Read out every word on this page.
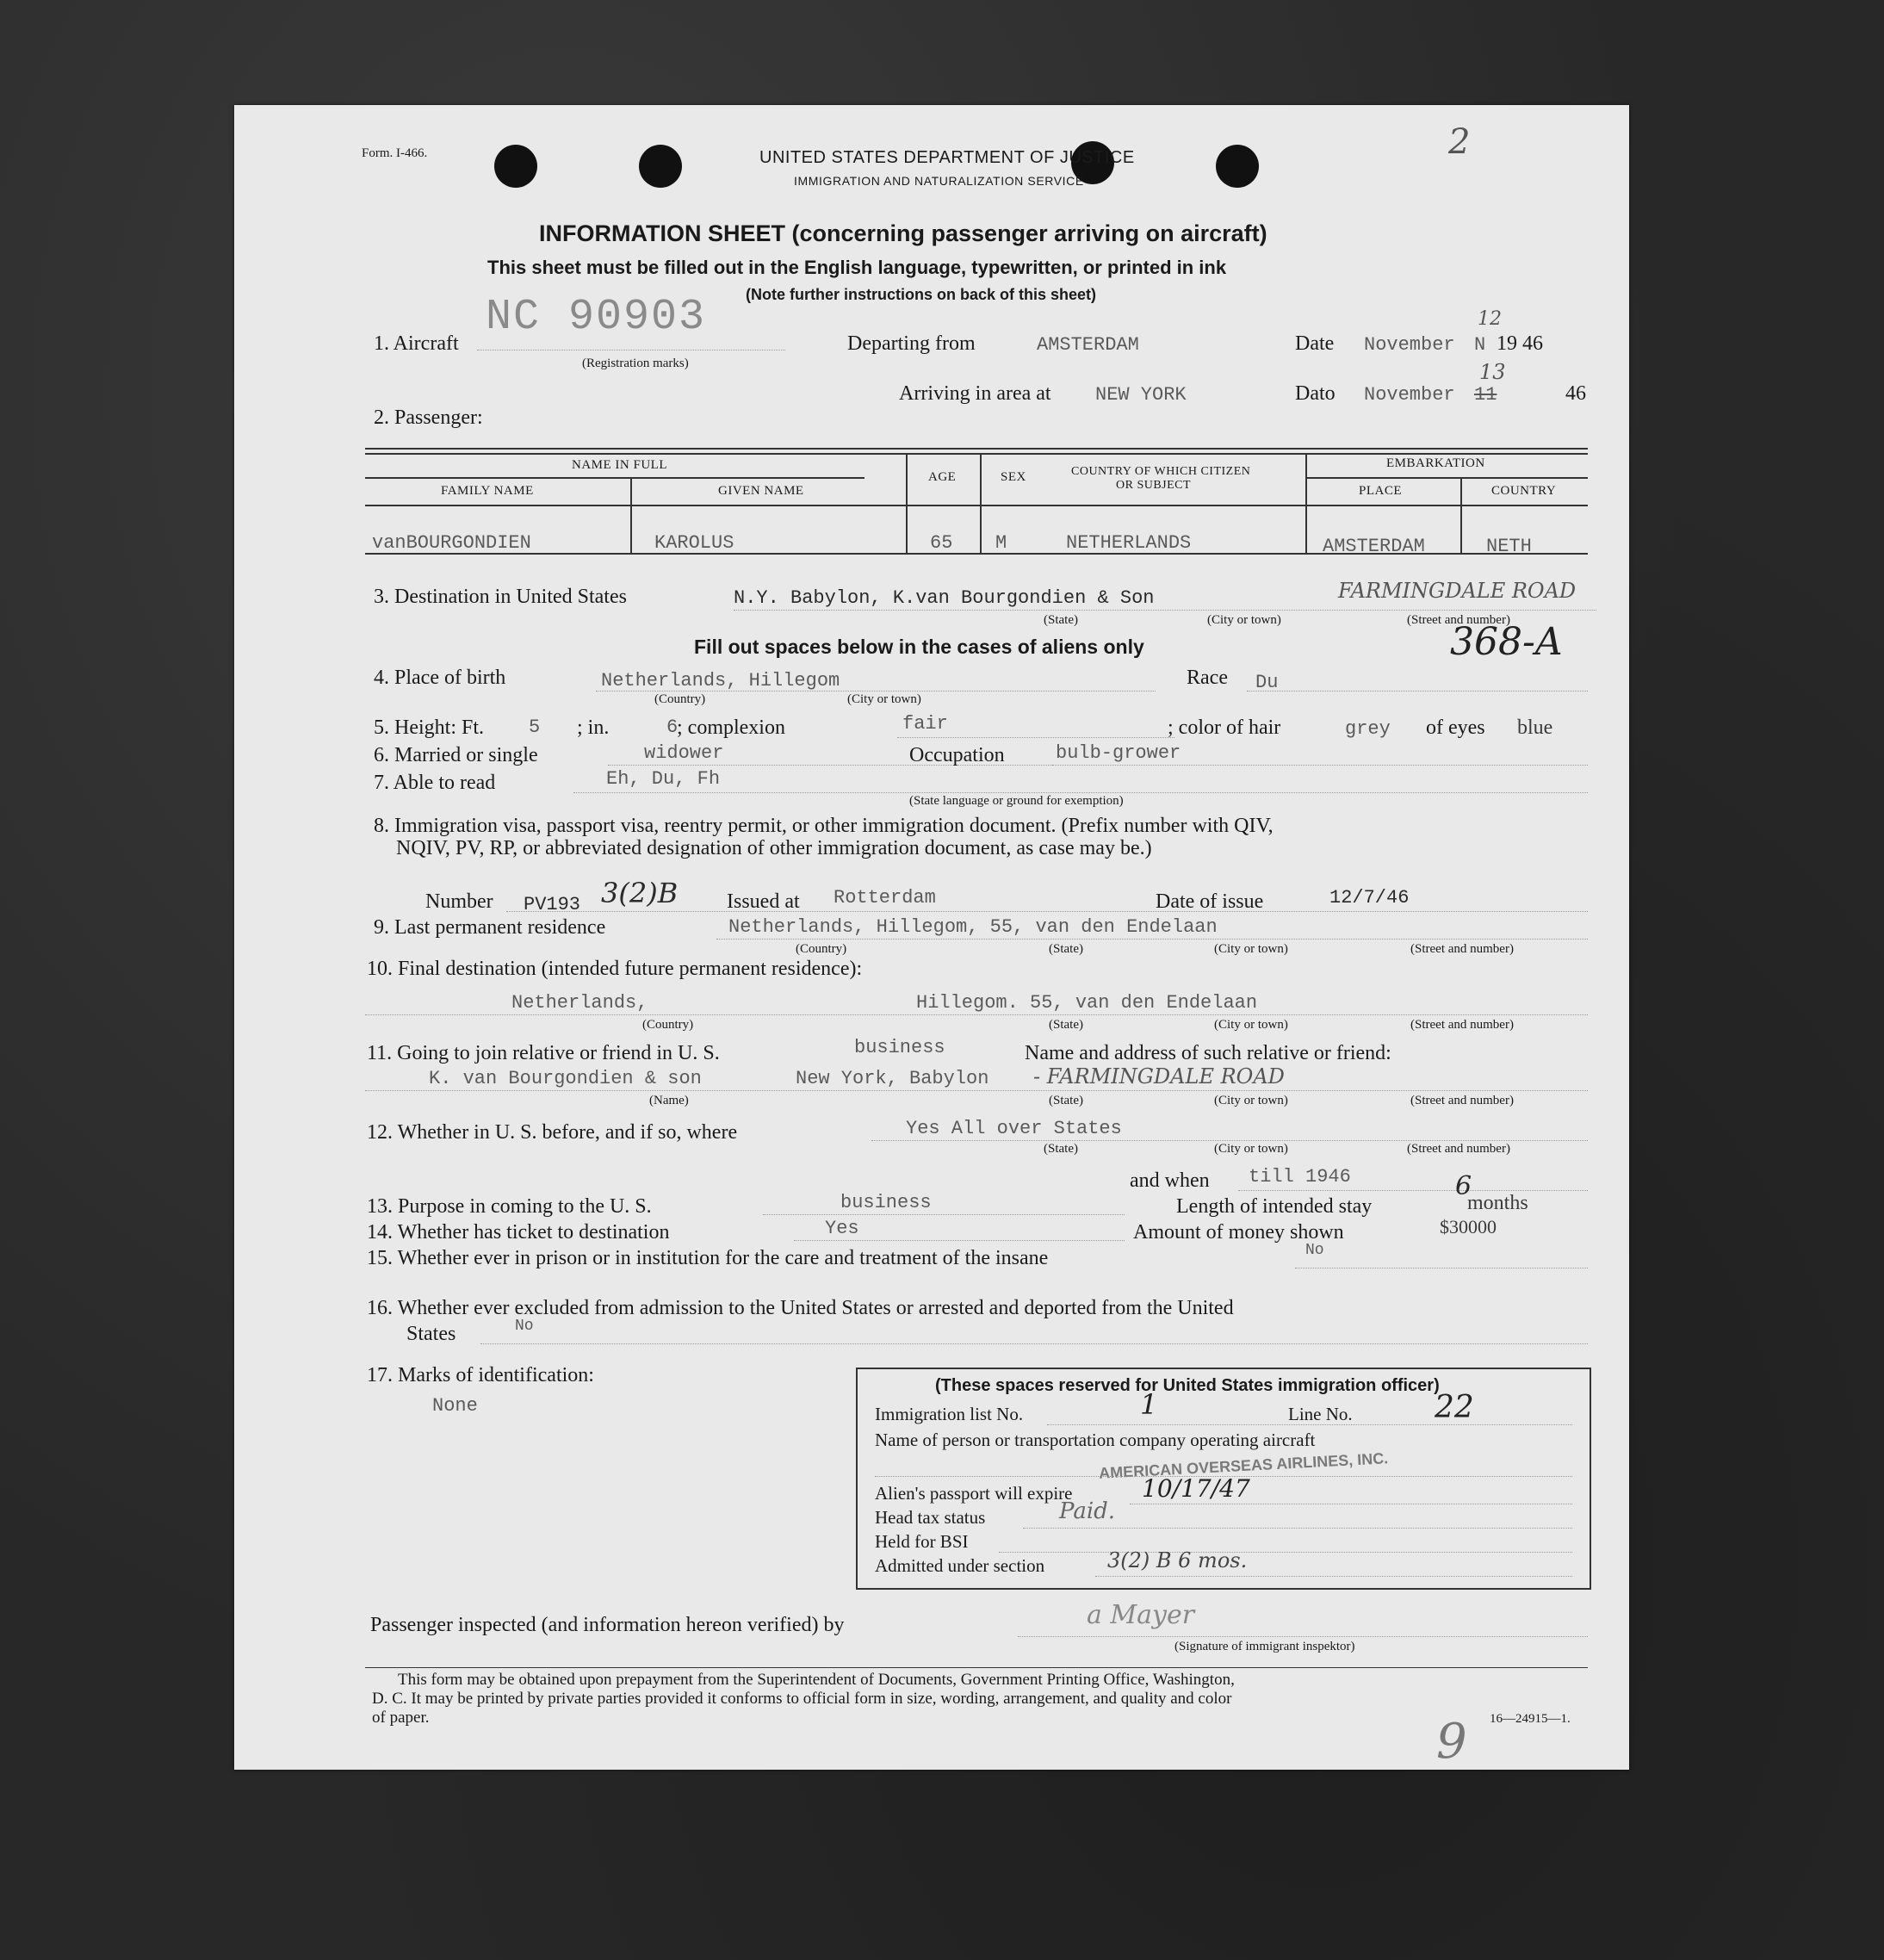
Form. I-466.	UNITED STATES DEPARTMENT OF JUSTICE
IMMIGRATION AND NATURALIZATION SERVICE
2
INFORMATION SHEET (concerning passenger arriving on aircraft)
This sheet must be filled out in the English language, typewritten, or printed in ink
(Note further instructions on back of this sheet)
1. Aircraft
NC 90903
(Registration marks)
Departing from	AMSTERDAM	Date November N
12
19 46
Arriving in area at NEW YORK	Dato November 11
13
46
2. Passenger:
NAME IN FULL
FAMILY NAME	GIVEN NAME
AGE	SEX	COUNTRY OF WHICH CITIZEN
OR SUBJECT
EMBARKATION
PLACE	COUNTRY
vanBOURGONDIEN	KAROLUS	65 M	NETHERLANDS	AMSTERDAM	NETH
3. Destination in United States	N.Y. Babylon, K.van Bourgondien & Son	FARMINGDALE ROAD
(State)	(City or town)	(Street and number)
Fill out spaces below in the cases of aliens only	368-A
4. Place of birth	Netherlands, Hillegom
(Country)	(City or town)
Race Du
5. Height: Ft. 5 ; in.	6
; complexion	fair	; color of hair	grey of eyes blue
6. Married or single	widower	Occupation	bulb-grower
7. Able to read	Eh, Du, Fh
(State language or ground for exemption)
8. Immigration visa, passport visa, reentry permit, or other immigration document. (Prefix number with QIV,
NQIV, PV, RP, or abbreviated designation of other immigration document, as case may be.)
Number PV193 3(2)B Issued at Rotterdam	Date of issue	12/7/46
9. Last permanent residence	Netherlands, Hillegom, 55, van den Endelaan
(Country)	(State)	(City or town)	(Street and number)
10. Final destination (intended future permanent residence):
Netherlands,	Hillegom. 55, van den Endelaan
(Country)	(State)	(City or town)	(Street and number)
11. Going to join relative or friend in U. S.	business	Name and address of such relative or friend:
K. van Bourgondien & son	New York, Babylon - FARMINGDALE ROAD
(Name)	(State)	(City or town)	(Street and number)
12. Whether in U. S. before, and if so, where	Yes All over States
(State)	(City or town)	(Street and number)
and when till 1946
13. Purpose in coming to the U. S.	business	Length of intended stay
6
months
14. Whether has ticket to destination	Yes	Amount of money shown	$30000
15. Whether ever in prison or in institution for the care and treatment of the insane	No
16. Whether ever excluded from admission to the United States or arrested and deported from the United
States	No
17. Marks of identification:
None
(These spaces reserved for United States immigration officer)
Immigration list No.	1	Line No.	22
Name of person or transportation company operating aircraft
AMERICAN OVERSEAS AIRLINES, INC.
Alien's passport will expire	10/17/47
Head tax status	Paid.
Held for BSI
Admitted under section	3(2) B 6 mos.
Passenger inspected (and information hereon verified) by	a Mayer
(Signature of immigrant inspektor)
This form may be obtained upon prepayment from the Superintendent of Documents, Government Printing Office, Washington,
D. C. It may be printed by private parties provided it conforms to official form in size, wording, arrangement, and quality and color
of paper.	16—24915—1.
9
